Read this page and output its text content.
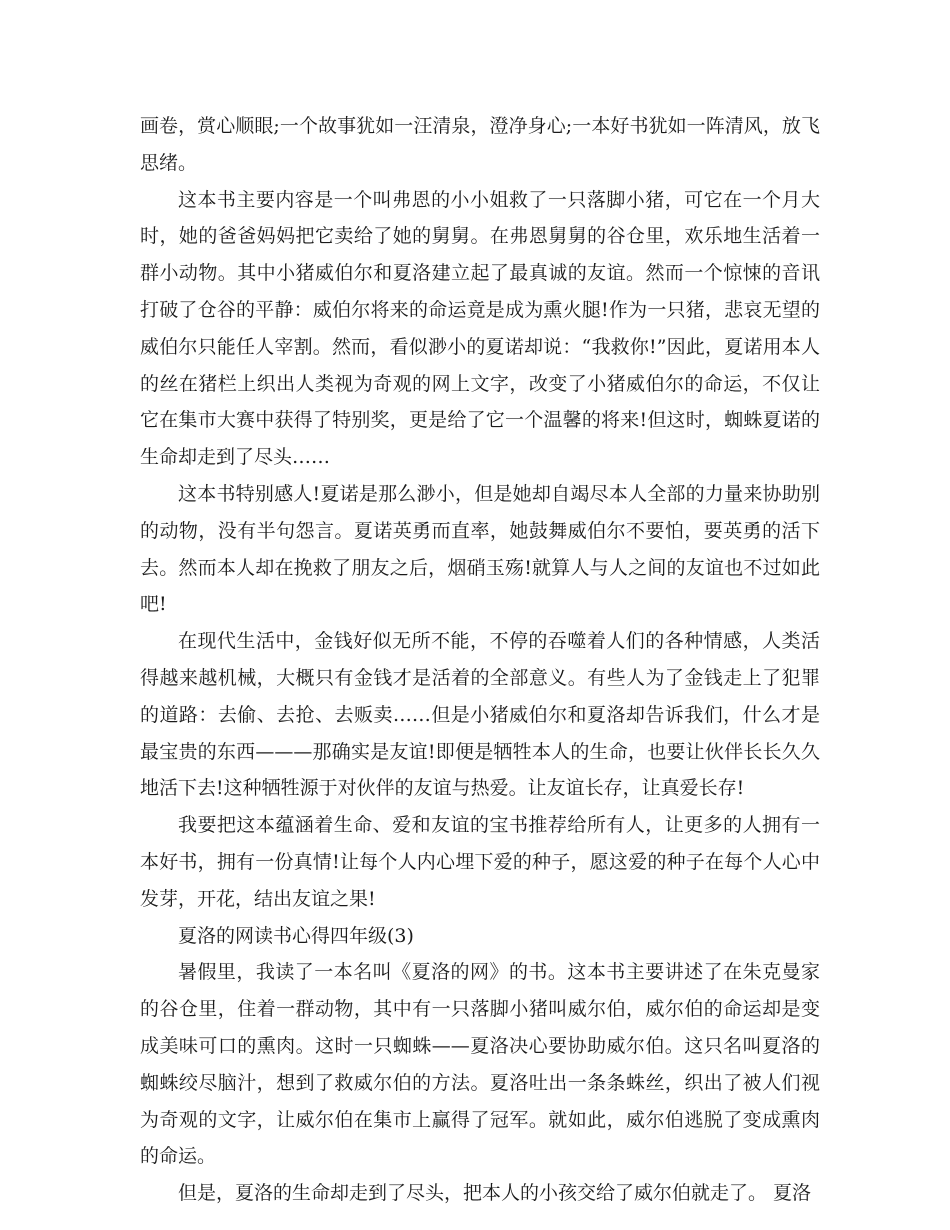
画卷，赏心顺眼;一个故事犹如一汪清泉，澄净身心;一本好书犹如一阵清风，放飞思绪。

这本书主要内容是一个叫弗恩的小小姐救了一只落脚小猪，可它在一个月大时，她的爸爸妈妈把它卖给了她的舅舅。在弗恩舅舅的谷仓里，欢乐地生活着一群小动物。其中小猪威伯尔和夏洛建立起了最真诚的友谊。然而一个惊悚的音讯打破了仓谷的平静：威伯尔将来的命运竟是成为熏火腿!作为一只猪，悲哀无望的威伯尔只能任人宰割。然而，看似渺小的夏诺却说：“我救你!”因此，夏诺用本人的丝在猪栏上织出人类视为奇观的网上文字，改变了小猪威伯尔的命运，不仅让它在集市大赛中获得了特别奖，更是给了它一个温馨的将来!但这时，蜘蛛夏诺的生命却走到了尽头……

这本书特别感人!夏诺是那么渺小，但是她却自竭尽本人全部的力量来协助别的动物，没有半句怨言。夏诺英勇而直率，她鼓舞威伯尔不要怕，要英勇的活下去。然而本人却在挽救了朋友之后，烟硝玉殇!就算人与人之间的友谊也不过如此吧!

在现代生活中，金钱好似无所不能，不停的吞噬着人们的各种情感，人类活得越来越机械，大概只有金钱才是活着的全部意义。有些人为了金钱走上了犯罪的道路：去偷、去抢、去贩卖……但是小猪威伯尔和夏洛却告诉我们，什么才是最宝贵的东西———那确实是友谊!即便是牺牲本人的生命，也要让伙伴长长久久地活下去!这种牺牲源于对伙伴的友谊与热爱。让友谊长存，让真爱长存!

我要把这本蕴涵着生命、爱和友谊的宝书推荐给所有人，让更多的人拥有一本好书，拥有一份真情!让每个人内心埋下爱的种子，愿这爱的种子在每个人心中发芽，开花，结出友谊之果!

夏洛的网读书心得四年级(3)

暑假里，我读了一本名叫《夏洛的网》的书。这本书主要讲述了在朱克曼家的谷仓里，住着一群动物，其中有一只落脚小猪叫威尔伯，威尔伯的命运却是变成美味可口的熏肉。这时一只蜘蛛——夏洛决心要协助威尔伯。这只名叫夏洛的蜘蛛绞尽脑汁，想到了救威尔伯的方法。夏洛吐出一条条蛛丝，织出了被人们视为奇观的文字，让威尔伯在集市上赢得了冠军。就如此，威尔伯逃脱了变成熏肉的命运。

但是，夏洛的生命却走到了尽头，把本人的小孩交给了威尔伯就走了。 夏洛
